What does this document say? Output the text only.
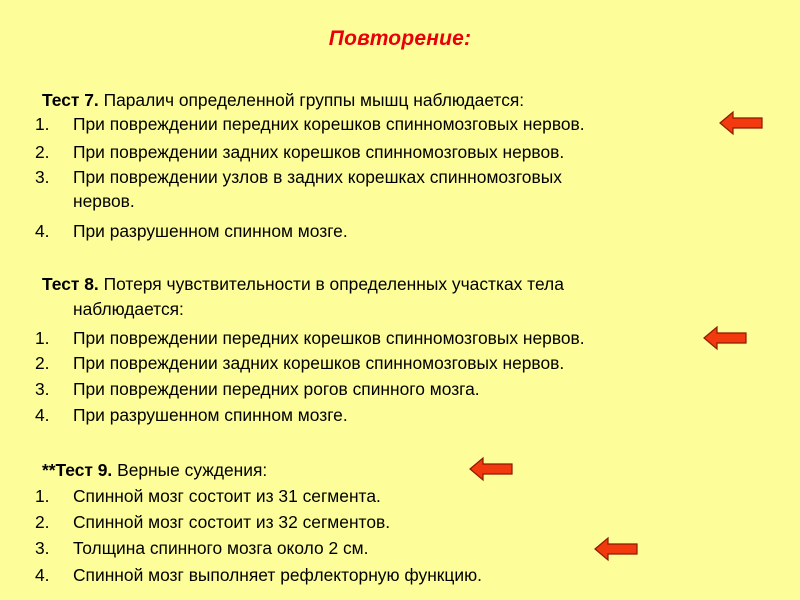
Повторение:
Тест 7. Паралич определенной группы мышц наблюдается:
1. При повреждении передних корешков спинномозговых нервов.
2. При повреждении задних корешков спинномозговых нервов.
3. При повреждении узлов в задних корешках спинномозговых
нервов.
4. При разрушенном спинном мозге.
Тест 8. Потеря чувствительности в определенных участках тела
наблюдается:
1. При повреждении передних корешков спинномозговых нервов.
2. При повреждении задних корешков спинномозговых нервов.
3. При повреждении передних рогов спинного мозга.
4. При разрушенном спинном мозге.
**Тест 9. Верные суждения:
1. Спинной мозг состоит из 31 сегмента.
2. Спинной мозг состоит из 32 сегментов.
3. Толщина спинного мозга около 2 см.
4. Спинной мозг выполняет рефлекторную функцию.
